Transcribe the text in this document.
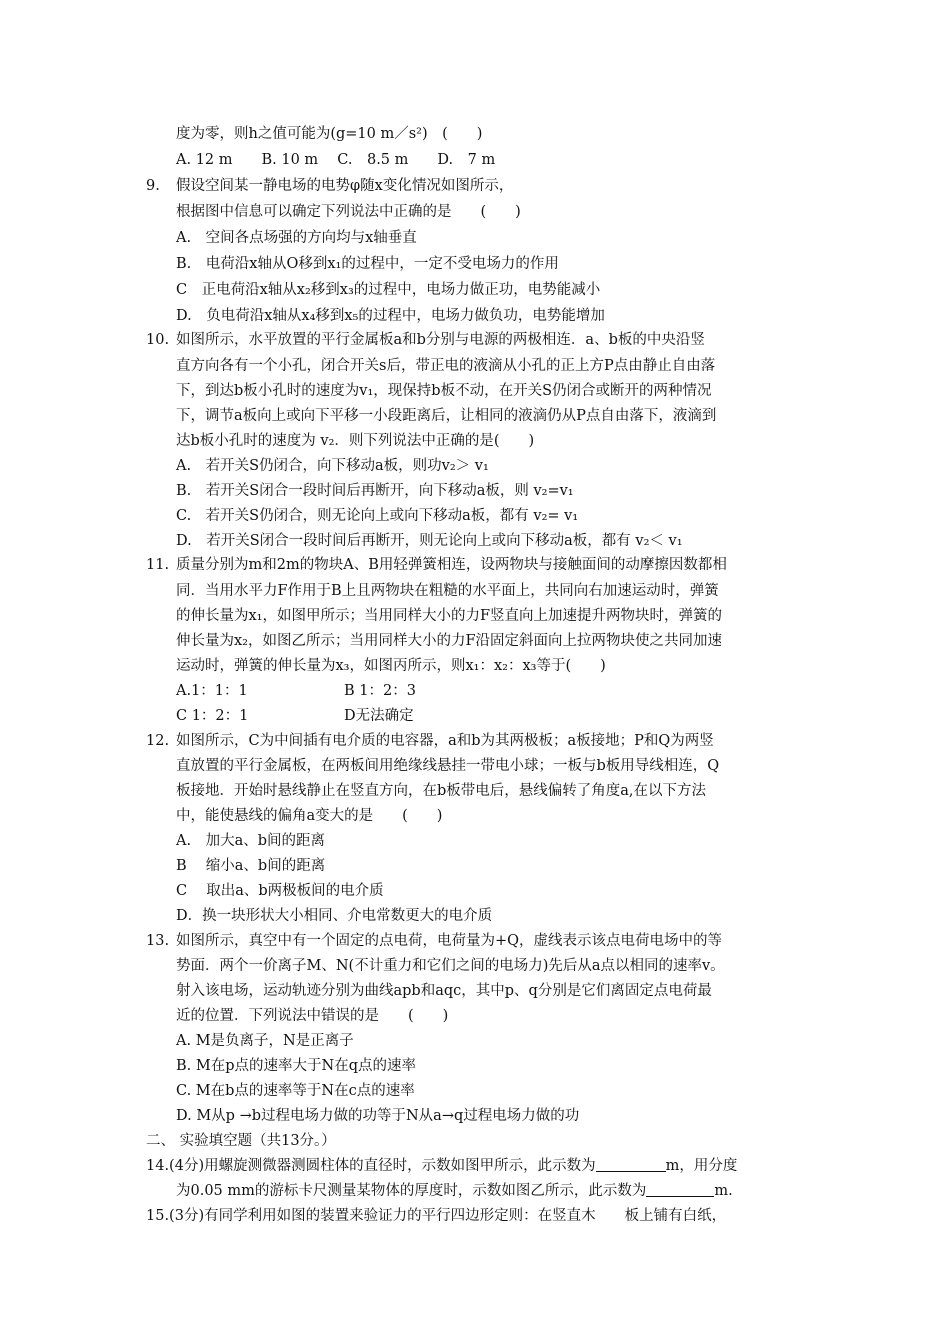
度为零，则h之值可能为(g=10 m／s²)　(　　)
A. 12 m　　B. 10 m　 C.　8.5 m　　D.　7 m
9. 假设空间某一静电场的电势φ随x变化情况如图所示，
根据图中信息可以确定下列说法中正确的是　　(　　)
A.　空间各点场强的方向均与x轴垂直
B.　电荷沿x轴从O移到x₁的过程中，一定不受电场力的作用
C　正电荷沿x轴从x₂移到x₃的过程中，电场力做正功，电势能减小
D.　负电荷沿x轴从x₄移到x₅的过程中，电场力做负功，电势能增加
10. 如图所示，水平放置的平行金属板a和b分别与电源的两极相连．a、b板的中央沿竖
直方向各有一个小孔，闭合开关s后，带正电的液滴从小孔的正上方P点由静止自由落
下，到达b板小孔时的速度为v₁，现保持b板不动，在开关S仍闭合或断开的两种情况
下，调节a板向上或向下平移一小段距离后，让相同的液滴仍从P点自由落下，液滴到
达b板小孔时的速度为 v₂．则下列说法中正确的是(　　)
A.　若开关S仍闭合，向下移动a板，则功v₂＞ v₁
B.　若开关S闭合一段时间后再断开，向下移动a板，则 v₂=v₁
C.　若开关S仍闭合，则无论向上或向下移动a板，都有 v₂= v₁
D.　若开关S闭合一段时间后再断开，则无论向上或向下移动a板，都有 v₂＜ v₁
11. 质量分别为m和2m的物块A、B用轻弹簧相连，设两物块与接触面间的动摩擦因数都相
同．当用水平力F作用于B上且两物块在粗糙的水平面上，共同向右加速运动时，弹簧
的伸长量为x₁，如图甲所示；当用同样大小的力F竖直向上加速提升两物块时，弹簧的
伸长量为x₂，如图乙所示；当用同样大小的力F沿固定斜面向上拉两物块使之共同加速
运动时，弹簧的伸长量为x₃，如图丙所示，则x₁：x₂：x₃等于(　　)
A.1：1：1	B 1：2：3
C 1：2：1	D无法确定
12. 如图所示，C为中间插有电介质的电容器，a和b为其两极板；a板接地；P和Q为两竖
直放置的平行金属板，在两板间用绝缘线悬挂一带电小球；一板与b板用导线相连，Q
板接地．开始时悬线静止在竖直方向，在b板带电后，悬线偏转了角度a,在以下方法
中，能使悬线的偏角a变大的是　　(　　)
A.　加大a、b间的距离
B　 缩小a、b间的距离
C　 取出a、b两极板间的电介质
D．换一块形状大小相同、介电常数更大的电介质
13. 如图所示，真空中有一个固定的点电荷，电荷量为+Q，虚线表示该点电荷电场中的等
势面．两个一价离子M、N(不计重力和它们之间的电场力)先后从a点以相同的速率v。
射入该电场，运动轨迹分别为曲线apb和aqc，其中p、q分别是它们离固定点电荷最
近的位置．下列说法中错误的是　　(　　)
A. M是负离子，N是正离子
B. M在p点的速率大于N在q点的速率
C. M在b点的速率等于N在c点的速率
D. M从p →b过程电场力做的功等于N从a→q过程电场力做的功
二、 实验填空题（共13分。）
14.(4分)用螺旋测微器测圆柱体的直径时，示数如图甲所示，此示数为	m，用分度
为0.05 mm的游标卡尺测量某物体的厚度时，示数如图乙所示，此示数为	m.
15.(3分)有同学利用如图的装置来验证力的平行四边形定则：在竖直木　　板上铺有白纸，
